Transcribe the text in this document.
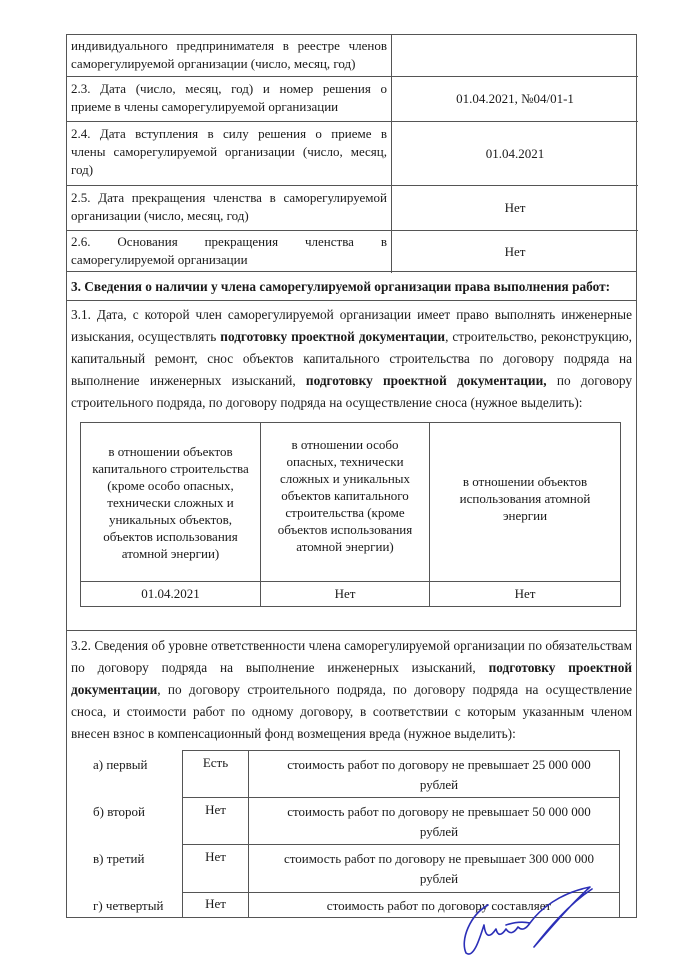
индивидуального предпринимателя в реестре членов
саморегулируемой организации (число, месяц, год)
2.3. Дата (число, месяц, год) и номер решения о
приеме в члены саморегулируемой организации
01.04.2021, №04/01-1
2.4. Дата вступления в силу решения о приеме в
члены саморегулируемой организации (число, месяц,
год)
01.04.2021
2.5. Дата прекращения членства в саморегулируемой
организации (число, месяц, год)
Нет
2.6. Основания прекращения членства в
саморегулируемой организации
Нет
3. Сведения о наличии у члена саморегулируемой организации права выполнения работ:
3.1. Дата, с которой член саморегулируемой организации имеет право выполнять инженерные изыскания, осуществлять подготовку проектной документации, строительство, реконструкцию, капитальный ремонт, снос объектов капитального строительства по договору подряда на выполнение инженерных изысканий, подготовку проектной документации, по договору строительного подряда, по договору подряда на осуществление сноса (нужное выделить):
в отношении объектов капитального строительства (кроме особо опасных, технически сложных и уникальных объектов, объектов использования атомной энергии)
в отношении особо опасных, технически сложных и уникальных объектов капитального строительства (кроме объектов использования атомной энергии)
в отношении объектов использования атомной энергии
01.04.2021	Нет	Нет
3.2. Сведения об уровне ответственности члена саморегулируемой организации по обязательствам по договору подряда на выполнение инженерных изысканий, подготовку проектной документации, по договору строительного подряда, по договору подряда на осуществление сноса, и стоимости работ по одному договору, в соответствии с которым указанным членом внесен взнос в компенсационный фонд возмещения вреда (нужное выделить):
а) первый	Есть	стоимость работ по договору не превышает 25 000 000 рублей
б) второй	Нет	стоимость работ по договору не превышает 50 000 000 рублей
в) третий	Нет	стоимость работ по договору не превышает 300 000 000 рублей
г) четвертый	Нет	стоимость работ по договору составляет
